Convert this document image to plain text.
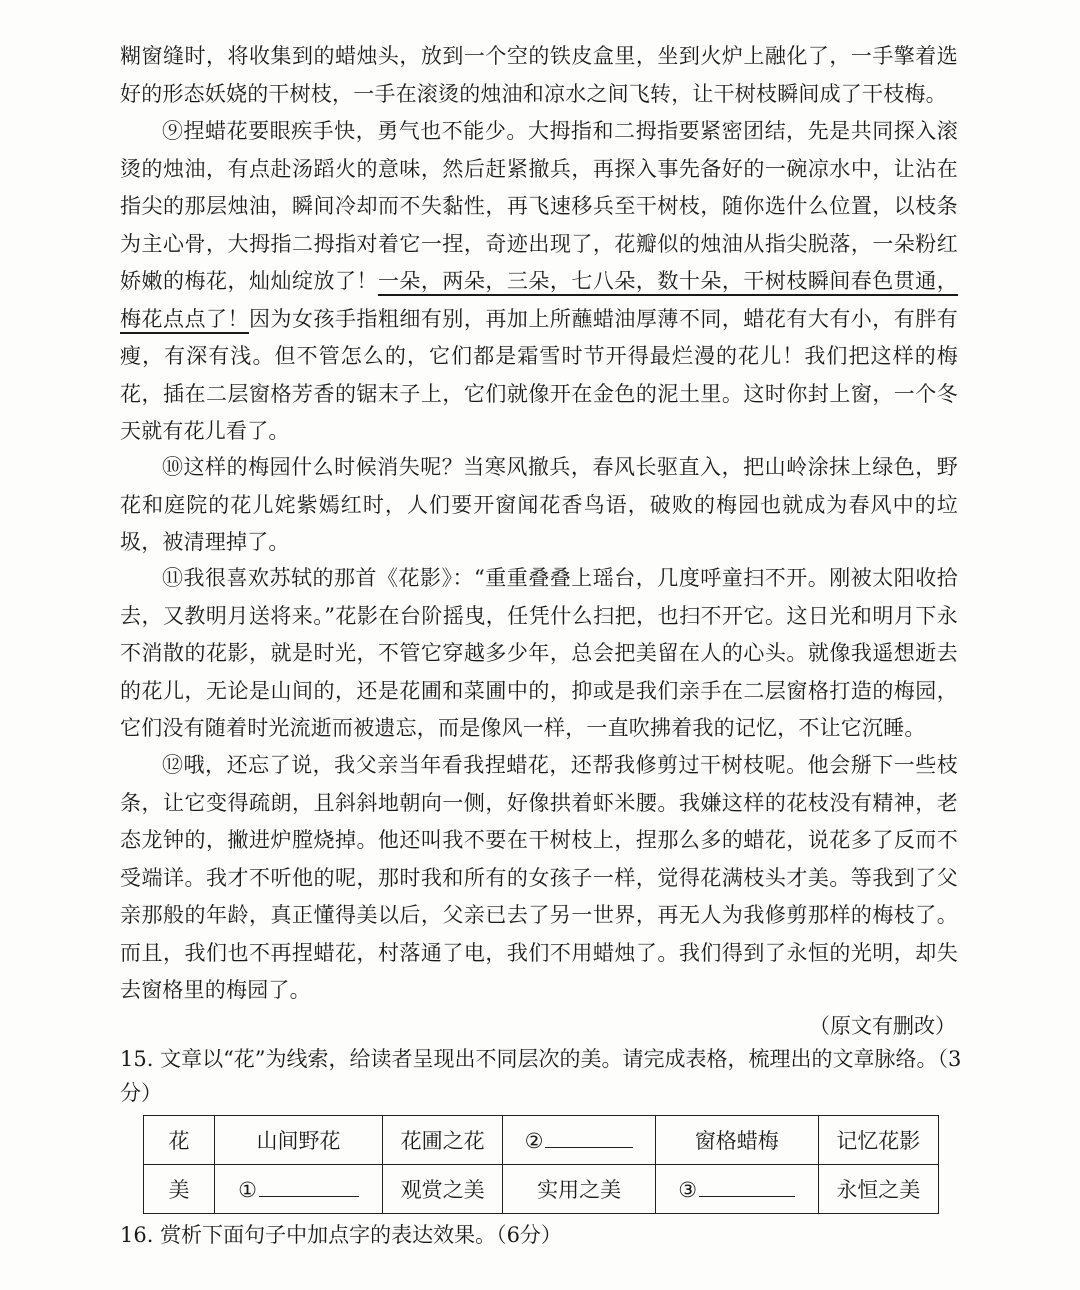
糊窗缝时，将收集到的蜡烛头，放到一个空的铁皮盒里，坐到火炉上融化了，一手擎着选好的形态妖娆的干树枝，一手在滚烫的烛油和凉水之间飞转，让干树枝瞬间成了干枝梅。

⑨捏蜡花要眼疾手快，勇气也不能少。大拇指和二拇指要紧密团结，先是共同探入滚烫的烛油，有点赴汤蹈火的意味，然后赶紧撤兵，再探入事先备好的一碗凉水中，让沾在指尖的那层烛油，瞬间冷却而不失黏性，再飞速移兵至干树枝，随你选什么位置，以枝条为主心骨，大拇指二拇指对着它一捏，奇迹出现了，花瓣似的烛油从指尖脱落，一朵粉红娇嫩的梅花，灿灿绽放了！一朵，两朵，三朵，七八朵，数十朵，干树枝瞬间春色贯通，梅花点点了！因为女孩手指粗细有别，再加上所蘸蜡油厚薄不同，蜡花有大有小，有胖有瘦，有深有浅。但不管怎么的，它们都是霜雪时节开得最烂漫的花儿！我们把这样的梅花，插在二层窗格芳香的锯末子上，它们就像开在金色的泥土里。这时你封上窗，一个冬天就有花儿看了。

⑩这样的梅园什么时候消失呢？当寒风撤兵，春风长驱直入，把山岭涂抹上绿色，野花和庭院的花儿姹紫嫣红时，人们要开窗闻花香鸟语，破败的梅园也就成为春风中的垃圾，被清理掉了。

⑪我很喜欢苏轼的那首《花影》：“重重叠叠上瑶台，几度呼童扫不开。刚被太阳收拾去，又教明月送将来。”花影在台阶摇曳，任凭什么扫把，也扫不开它。这日光和明月下永不消散的花影，就是时光，不管它穿越多少年，总会把美留在人的心头。就像我遥想逝去的花儿，无论是山间的，还是花圃和菜圃中的，抑或是我们亲手在二层窗格打造的梅园，它们没有随着时光流逝而被遗忘，而是像风一样，一直吹拂着我的记忆，不让它沉睡。

⑫哦，还忘了说，我父亲当年看我捏蜡花，还帮我修剪过干树枝呢。他会掰下一些枝条，让它变得疏朗，且斜斜地朝向一侧，好像拱着虾米腰。我嫌这样的花枝没有精神，老态龙钟的，撇进炉膛烧掉。他还叫我不要在干树枝上，捏那么多的蜡花，说花多了反而不受端详。我才不听他的呢，那时我和所有的女孩子一样，觉得花满枝头才美。等我到了父亲那般的年龄，真正懂得美以后，父亲已去了另一世界，再无人为我修剪那样的梅枝了。而且，我们也不再捏蜡花，村落通了电，我们不用蜡烛了。我们得到了永恒的光明，却失去窗格里的梅园了。

（原文有删改）

15. 文章以“花”为线索，给读者呈现出不同层次的美。请完成表格，梳理出的文章脉络。（3分）

花	山间野花	花圃之花	②	窗格蜡梅	记忆花影
美	①	观赏之美	实用之美	③	永恒之美

16. 赏析下面句子中加点字的表达效果。（6分）
